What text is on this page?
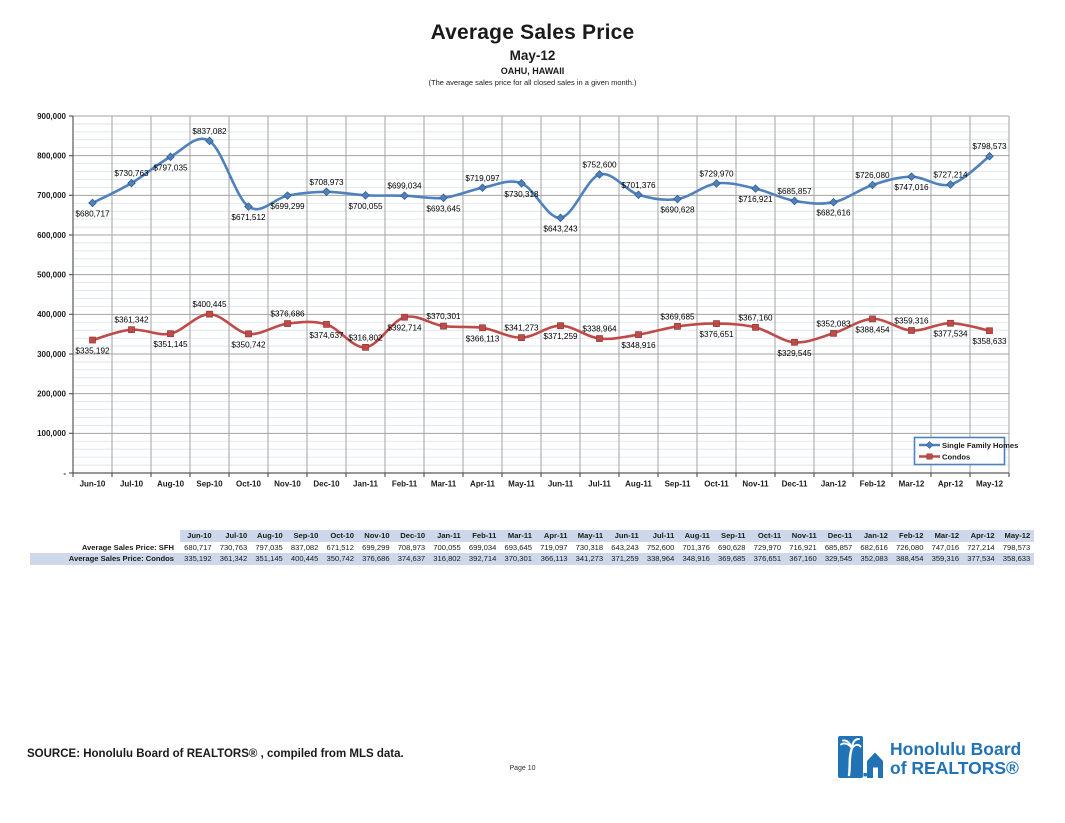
Average Sales Price
May-12
OAHU, HAWAII
(The average sales price for all closed sales in a given month.)
-
100,000
200,000
300,000
400,000
500,000
600,000
700,000
800,000
900,000
Jun-10 Jul-10 Aug-10 Sep-10 Oct-10 Nov-10 Dec-10 Jan-11 Feb-11 Mar-11 Apr-11 May-11 Jun-11 Jul-11 Aug-11 Sep-11 Oct-11 Nov-11 Dec-11 Jan-12 Feb-12 Mar-12 Apr-12 May-12
$680,717
$730,763
$797,035
$837,082
$671,512
$699,299
$708,973
$700,055
$699,034
$693,645
$719,097
$730,318
$643,243
$752,600
$701,376
$690,628
$729,970
$716,921
$685,857
$682,616
$726,080
$747,016
$727,214
$798,573
$335,192
$361,342
$351,145
$400,445
$350,742
$376,686
$374,637 $316,802
$392,714
$370,301
$366,113
$341,273
$371,259
$338,964
$348,916
$369,685
$376,651
$367,160
$329,545
$352,083
$388,454
$359,316
$377,534
$358,633
Single Family Homes
Condos
	Jun-10	Jul-10	Aug-10	Sep-10	Oct-10	Nov-10	Dec-10	Jan-11	Feb-11	Mar-11	Apr-11	May-11	Jun-11	Jul-11	Aug-11	Sep-11	Oct-11	Nov-11	Dec-11	Jan-12	Feb-12	Mar-12	Apr-12	May-12
Average Sales Price: SFH	680,717	730,763	797,035	837,082	671,512	699,299	708,973	700,055	699,034	693,645	719,097	730,318	643,243	752,600	701,376	690,628	729,970	716,921	685,857	682,616	726,080	747,016	727,214	798,573
Average Sales Price: Condos	335,192	361,342	351,145	400,445	350,742	376,686	374,637	316,802	392,714	370,301	366,113	341,273	371,259	338,964	348,916	369,685	376,651	367,160	329,545	352,083	388,454	359,316	377,534	358,633
SOURCE: Honolulu Board of REALTORS® , compiled from MLS data.
Page 10
Honolulu Board
of REALTORS®
